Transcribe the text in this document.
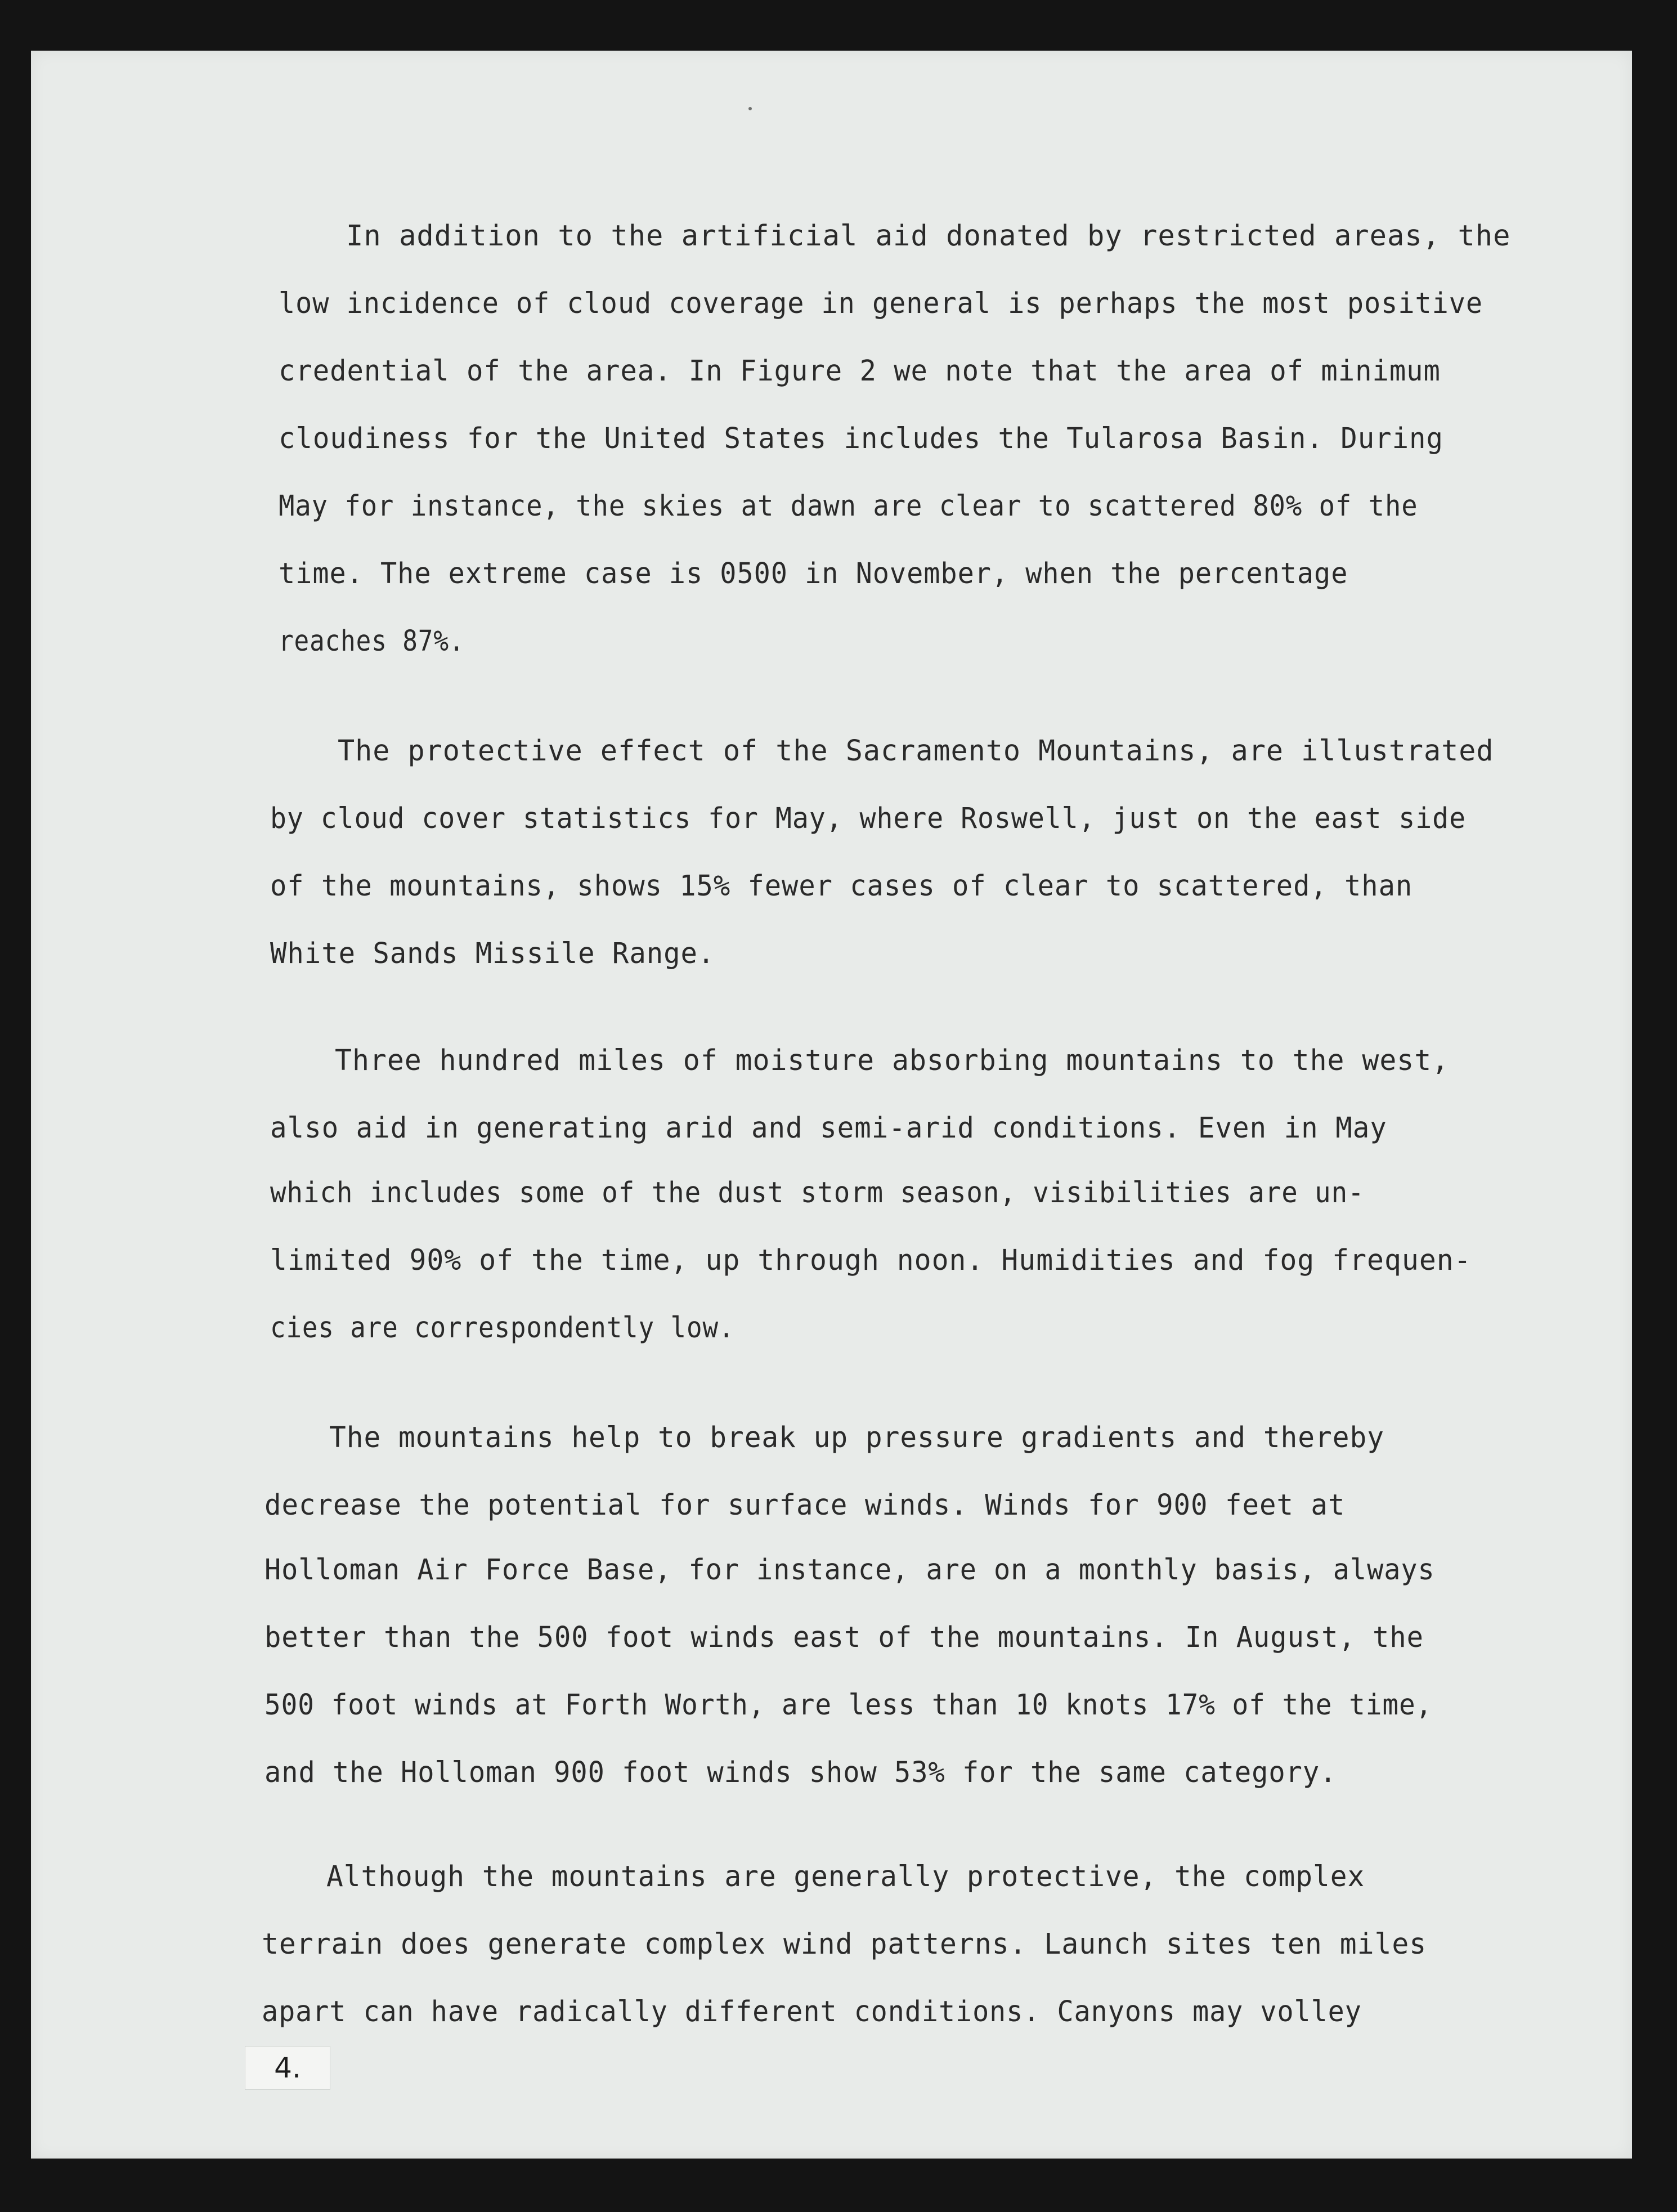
In addition to the artificial aid donated by restricted areas, the
low incidence of cloud coverage in general is perhaps the most positive
credential of the area. In Figure 2 we note that the area of minimum
cloudiness for the United States includes the Tularosa Basin. During
May for instance, the skies at dawn are clear to scattered 80% of the
time. The extreme case is 0500 in November, when the percentage
reaches 87%.
The protective effect of the Sacramento Mountains, are illustrated
by cloud cover statistics for May, where Roswell, just on the east side
of the mountains, shows 15% fewer cases of clear to scattered, than
White Sands Missile Range.
Three hundred miles of moisture absorbing mountains to the west,
also aid in generating arid and semi-arid conditions. Even in May
which includes some of the dust storm season, visibilities are un-
limited 90% of the time, up through noon. Humidities and fog frequen-
cies are correspondently low.
The mountains help to break up pressure gradients and thereby
decrease the potential for surface winds. Winds for 900 feet at
Holloman Air Force Base, for instance, are on a monthly basis, always
better than the 500 foot winds east of the mountains. In August, the
500 foot winds at Forth Worth, are less than 10 knots 17% of the time,
and the Holloman 900 foot winds show 53% for the same category.
Although the mountains are generally protective, the complex
terrain does generate complex wind patterns. Launch sites ten miles
apart can have radically different conditions. Canyons may volley
4.
